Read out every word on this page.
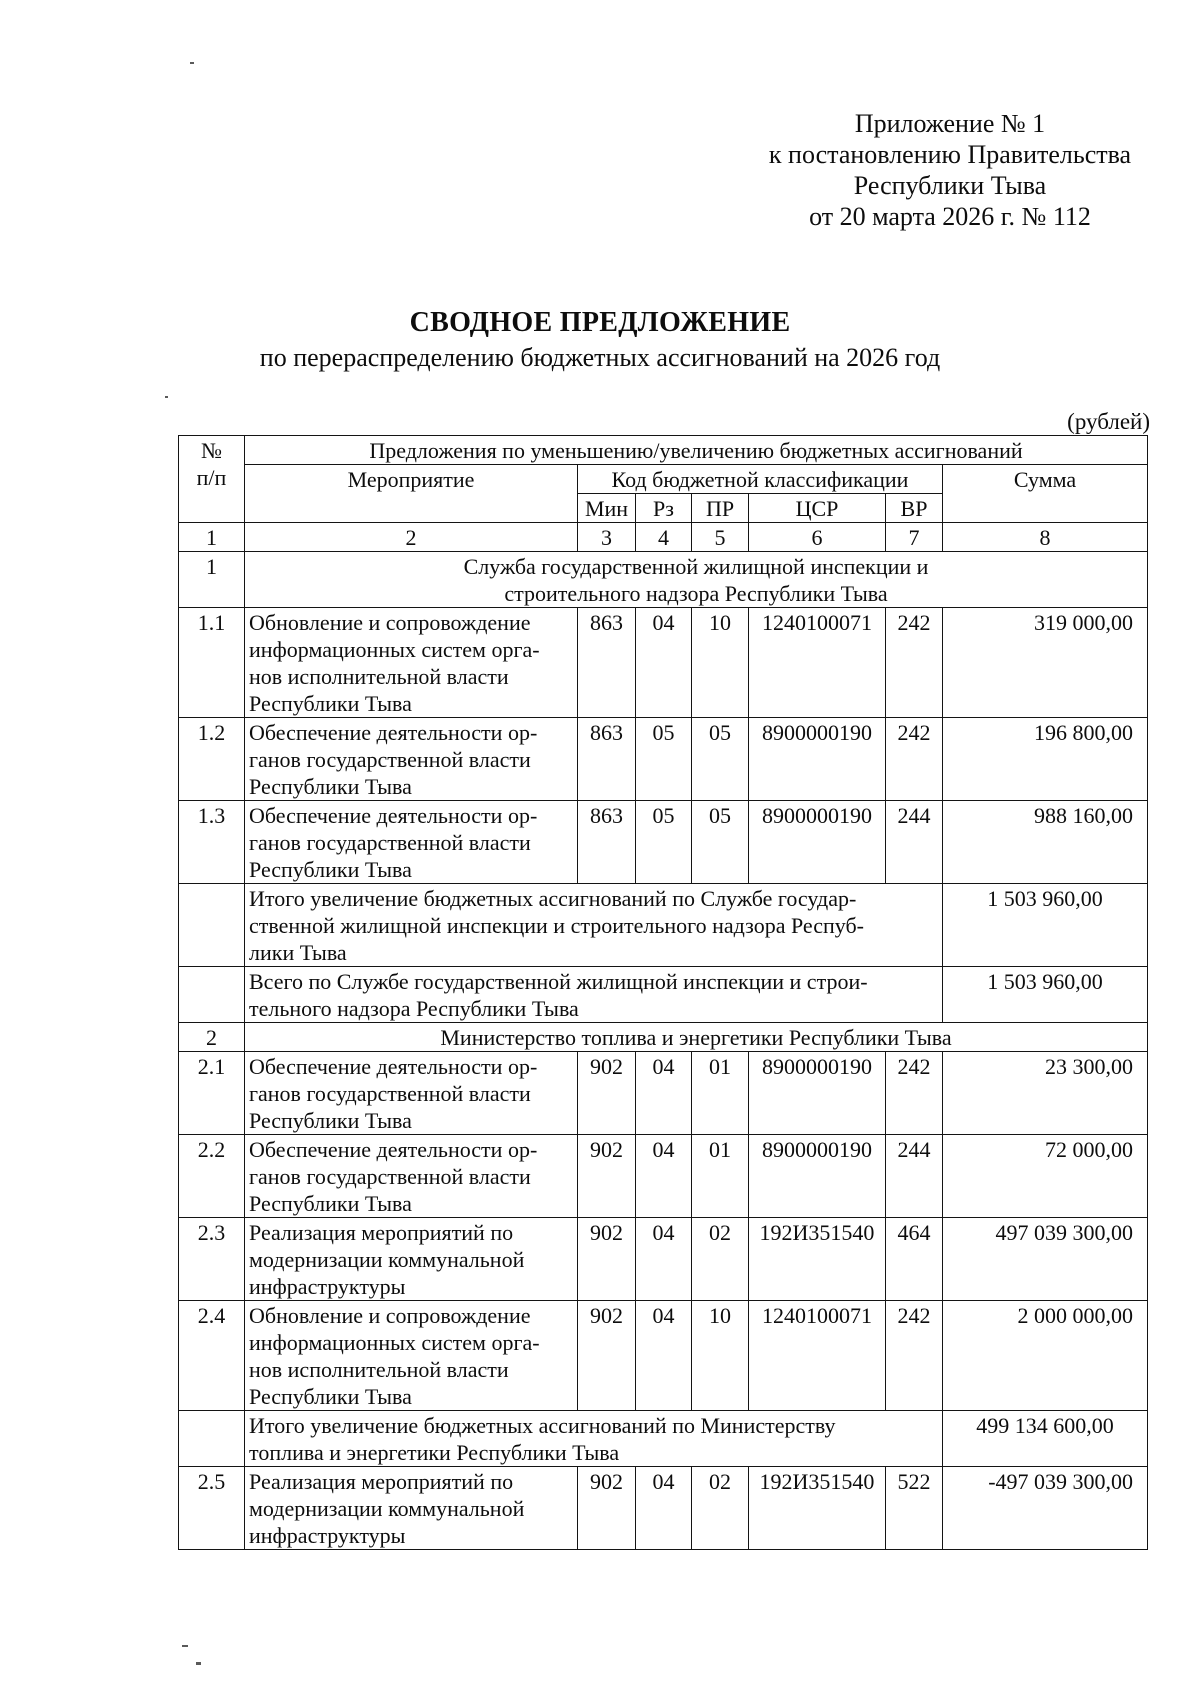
Приложение № 1
к постановлению Правительства
Республики Тыва
от 20 марта 2026 г. № 112
СВОДНОЕ ПРЕДЛОЖЕНИЕ
по перераспределению бюджетных ассигнований на 2026 год
(рублей)
№
п/п	Предложения по уменьшению/увеличению бюджетных ассигнований						
	Мероприятие	Код бюджетной классификации					Сумма
		Мин	Рз	ПР	ЦСР	ВР	
1	2	3	4	5	6	7	8
1	Служба государственной жилищной инспекции и
строительного надзора Республики Тыва						
1.1	Обновление и сопровождение
информационных систем орга-
нов исполнительной власти
Республики Тыва	863	04	10	1240100071	242	319 000,00
1.2	Обеспечение деятельности ор-
ганов государственной власти
Республики Тыва	863	05	05	8900000190	242	196 800,00
1.3	Обеспечение деятельности ор-
ганов государственной власти
Республики Тыва	863	05	05	8900000190	244	988 160,00
	Итого увеличение бюджетных ассигнований по Службе государ-
ственной жилищной инспекции и строительного надзора Респуб-
лики Тыва						1 503 960,00
	Всего по Службе государственной жилищной инспекции и строи-
тельного надзора Республики Тыва						1 503 960,00
2	Министерство топлива и энергетики Республики Тыва						
2.1	Обеспечение деятельности ор-
ганов государственной власти
Республики Тыва	902	04	01	8900000190	242	23 300,00
2.2	Обеспечение деятельности ор-
ганов государственной власти
Республики Тыва	902	04	01	8900000190	244	72 000,00
2.3	Реализация мероприятий по
модернизации коммунальной
инфраструктуры	902	04	02	192И351540	464	497 039 300,00
2.4	Обновление и сопровождение
информационных систем орга-
нов исполнительной власти
Республики Тыва	902	04	10	1240100071	242	2 000 000,00
	Итого увеличение бюджетных ассигнований по Министерству
топлива и энергетики Республики Тыва						499 134 600,00
2.5	Реализация мероприятий по
модернизации коммунальной
инфраструктуры	902	04	02	192И351540	522	-497 039 300,00
